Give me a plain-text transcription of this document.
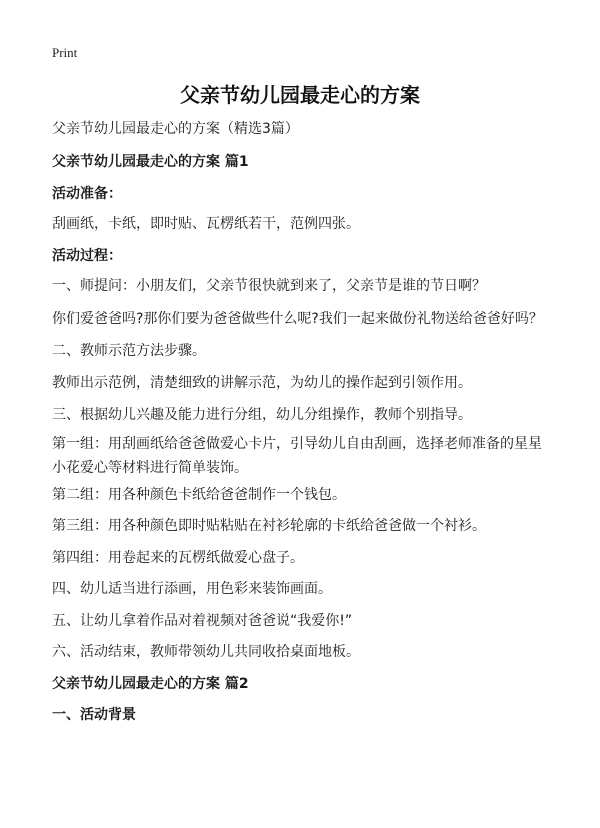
Print
父亲节幼儿园最走心的方案

父亲节幼儿园最走心的方案（精选3篇）

父亲节幼儿园最走心的方案 篇1

活动准备：

刮画纸，卡纸，即时贴、瓦楞纸若干，范例四张。

活动过程：

一、师提问：小朋友们，父亲节很快就到来了，父亲节是谁的节日啊？

你们爱爸爸吗?那你们要为爸爸做些什么呢?我们一起来做份礼物送给爸爸好吗？

二、教师示范方法步骤。

教师出示范例，清楚细致的讲解示范，为幼儿的操作起到引领作用。

三、根据幼儿兴趣及能力进行分组，幼儿分组操作，教师个别指导。

第一组：用刮画纸给爸爸做爱心卡片，引导幼儿自由刮画，选择老师准备的星星小花爱心等材料进行简单装饰。

第二组：用各种颜色卡纸给爸爸制作一个钱包。

第三组：用各种颜色即时贴粘贴在衬衫轮廓的卡纸给爸爸做一个衬衫。

第四组：用卷起来的瓦楞纸做爱心盘子。

四、幼儿适当进行添画，用色彩来装饰画面。

五、让幼儿拿着作品对着视频对爸爸说“我爱你!”

六、活动结束，教师带领幼儿共同收拾桌面地板。

父亲节幼儿园最走心的方案 篇2

一、活动背景
